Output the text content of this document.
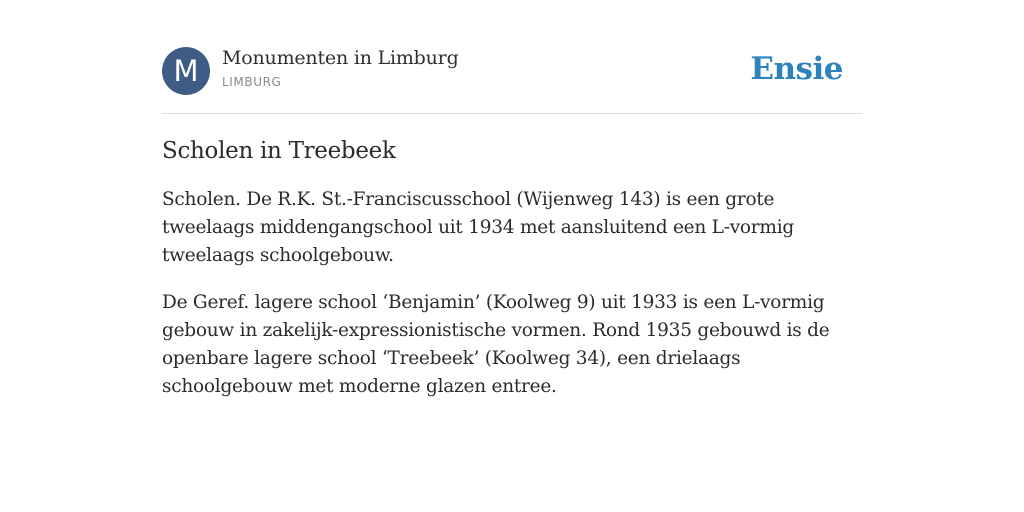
M	Monumenten in Limburg
LIMBURG	Ensie
Scholen in Treebeek

Scholen. De R.K. St.-Franciscusschool (Wijenweg 143) is een grote tweelaags middengangschool uit 1934 met aansluitend een L-vormig tweelaags schoolgebouw.

De Geref. lagere school ‘Benjamin’ (Koolweg 9) uit 1933 is een L-vormig gebouw in zakelijk-expressionistische vormen. Rond 1935 gebouwd is de openbare lagere school ‘Treebeek’ (Koolweg 34), een drielaags schoolgebouw met moderne glazen entree.
